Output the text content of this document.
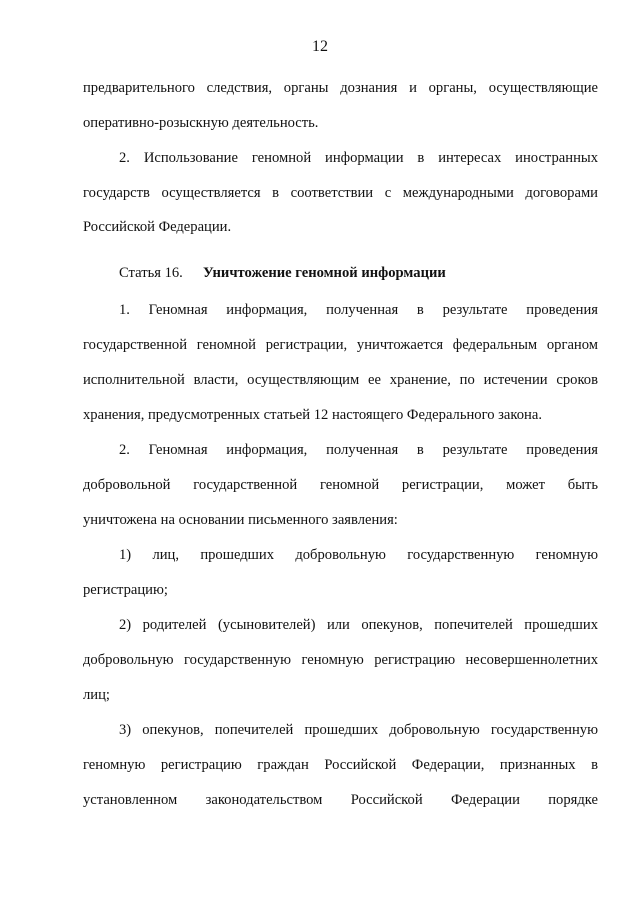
12
предварительного следствия, органы дознания и органы, осуществляющие
оперативно-розыскную деятельность.
2. Использование геномной информации в интересах иностранных
государств осуществляется в соответствии с международными договорами
Российской Федерации.
Статья 16. Уничтожение геномной информации
1. Геномная информация, полученная в результате проведения
государственной геномной регистрации, уничтожается федеральным органом
исполнительной власти, осуществляющим ее хранение, по истечении сроков
хранения, предусмотренных статьей 12 настоящего Федерального закона.
2. Геномная информация, полученная в результате проведения
добровольной государственной геномной регистрации, может быть
уничтожена на основании письменного заявления:
1) лиц, прошедших добровольную государственную геномную
регистрацию;
2) родителей (усыновителей) или опекунов, попечителей прошедших
добровольную государственную геномную регистрацию несовершеннолетних
лиц;
3) опекунов, попечителей прошедших добровольную государственную
геномную регистрацию граждан Российской Федерации, признанных в
установленном законодательством Российской Федерации порядке
